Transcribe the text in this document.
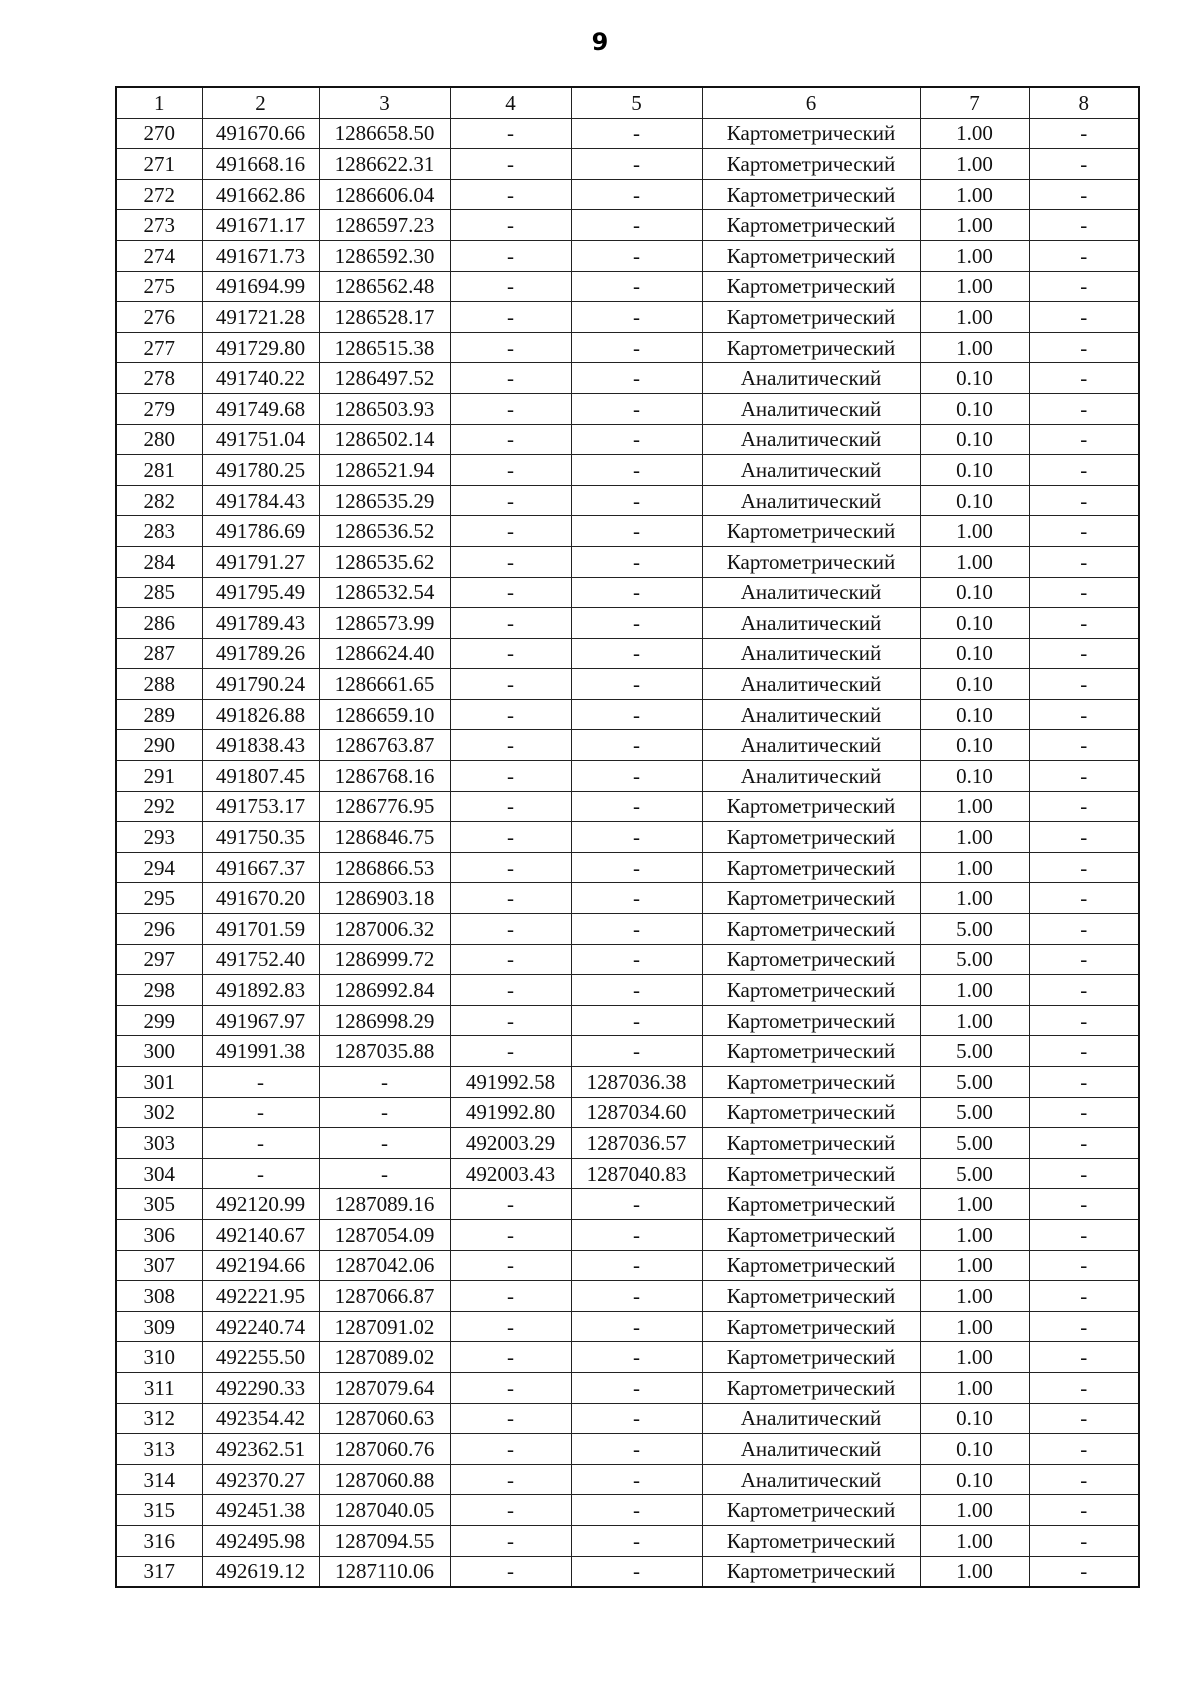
9
1	2	3	4	5	6	7	8
270	491670.66	1286658.50	-	-	Картометрический	1.00	-
271	491668.16	1286622.31	-	-	Картометрический	1.00	-
272	491662.86	1286606.04	-	-	Картометрический	1.00	-
273	491671.17	1286597.23	-	-	Картометрический	1.00	-
274	491671.73	1286592.30	-	-	Картометрический	1.00	-
275	491694.99	1286562.48	-	-	Картометрический	1.00	-
276	491721.28	1286528.17	-	-	Картометрический	1.00	-
277	491729.80	1286515.38	-	-	Картометрический	1.00	-
278	491740.22	1286497.52	-	-	Аналитический	0.10	-
279	491749.68	1286503.93	-	-	Аналитический	0.10	-
280	491751.04	1286502.14	-	-	Аналитический	0.10	-
281	491780.25	1286521.94	-	-	Аналитический	0.10	-
282	491784.43	1286535.29	-	-	Аналитический	0.10	-
283	491786.69	1286536.52	-	-	Картометрический	1.00	-
284	491791.27	1286535.62	-	-	Картометрический	1.00	-
285	491795.49	1286532.54	-	-	Аналитический	0.10	-
286	491789.43	1286573.99	-	-	Аналитический	0.10	-
287	491789.26	1286624.40	-	-	Аналитический	0.10	-
288	491790.24	1286661.65	-	-	Аналитический	0.10	-
289	491826.88	1286659.10	-	-	Аналитический	0.10	-
290	491838.43	1286763.87	-	-	Аналитический	0.10	-
291	491807.45	1286768.16	-	-	Аналитический	0.10	-
292	491753.17	1286776.95	-	-	Картометрический	1.00	-
293	491750.35	1286846.75	-	-	Картометрический	1.00	-
294	491667.37	1286866.53	-	-	Картометрический	1.00	-
295	491670.20	1286903.18	-	-	Картометрический	1.00	-
296	491701.59	1287006.32	-	-	Картометрический	5.00	-
297	491752.40	1286999.72	-	-	Картометрический	5.00	-
298	491892.83	1286992.84	-	-	Картометрический	1.00	-
299	491967.97	1286998.29	-	-	Картометрический	1.00	-
300	491991.38	1287035.88	-	-	Картометрический	5.00	-
301	-	-	491992.58	1287036.38	Картометрический	5.00	-
302	-	-	491992.80	1287034.60	Картометрический	5.00	-
303	-	-	492003.29	1287036.57	Картометрический	5.00	-
304	-	-	492003.43	1287040.83	Картометрический	5.00	-
305	492120.99	1287089.16	-	-	Картометрический	1.00	-
306	492140.67	1287054.09	-	-	Картометрический	1.00	-
307	492194.66	1287042.06	-	-	Картометрический	1.00	-
308	492221.95	1287066.87	-	-	Картометрический	1.00	-
309	492240.74	1287091.02	-	-	Картометрический	1.00	-
310	492255.50	1287089.02	-	-	Картометрический	1.00	-
311	492290.33	1287079.64	-	-	Картометрический	1.00	-
312	492354.42	1287060.63	-	-	Аналитический	0.10	-
313	492362.51	1287060.76	-	-	Аналитический	0.10	-
314	492370.27	1287060.88	-	-	Аналитический	0.10	-
315	492451.38	1287040.05	-	-	Картометрический	1.00	-
316	492495.98	1287094.55	-	-	Картометрический	1.00	-
317	492619.12	1287110.06	-	-	Картометрический	1.00	-
